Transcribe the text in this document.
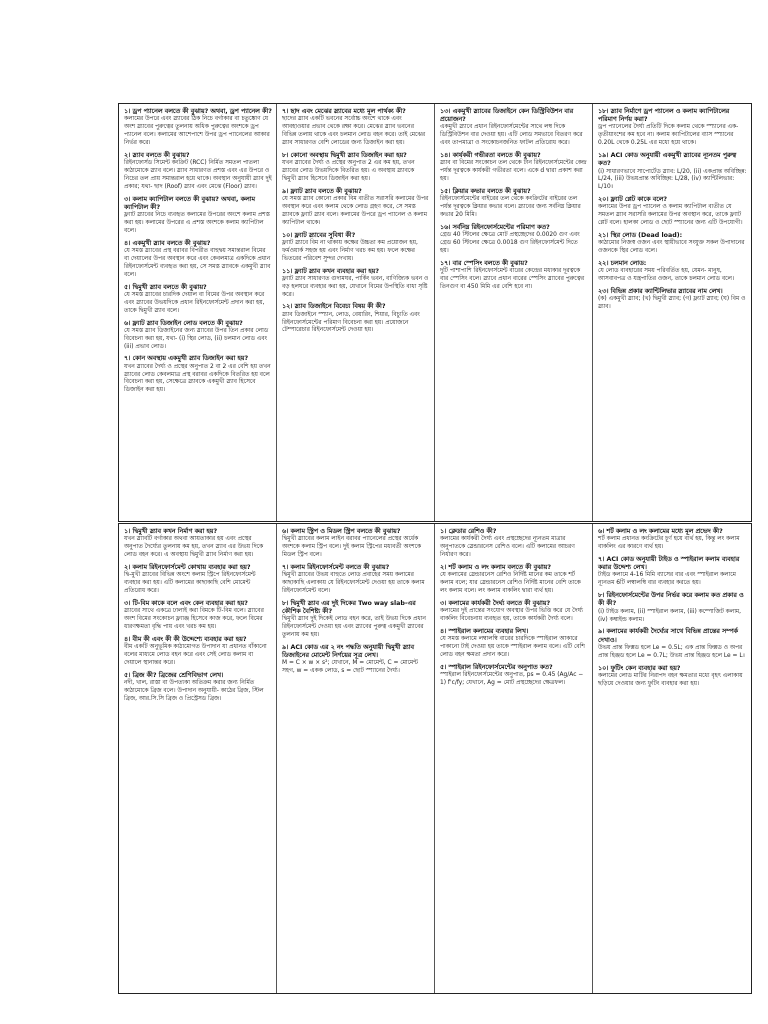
১। ড্রপ প্যানেল বলতে কী বুঝায়? অথবা, ড্রপ প্যানেল কী?
কলামের উপরে এবং স্ল্যাবের ঠিক নিচে বর্গাকার বা চতুষ্কোণ যে অংশ স্ল্যাবের পুরুত্বের তুলনায় অধিক পুরুত্বের অংশকে ড্রপ প্যানেল বলে। কলামের আশেপাশে উপর ড্রপ প্যানেলের আকার নির্ভর করে।
২। স্ল্যাব বলতে কী বুঝায়?
রিইনফোর্সড সিমেন্ট কংক্রিট (RCC) নির্মিত সমতল পাতলা কাঠামোকে স্ল্যাব বলে। স্ল্যাব সাধারণত প্রশস্ত এবং এর উপরে ও নিচের তল প্রায় সমান্তরাল হয়ে থাকে। অবস্থান অনুযায়ী স্ল্যাব দুই প্রকার; যথা- ছাদ (Roof) স্ল্যাব এবং মেঝে (Floor) স্ল্যাব।
৩। কলাম ক্যাপিটাল বলতে কী বুঝায়? অথবা, কলাম ক্যাপিটাল কী?
ফ্ল্যাট স্ল্যাবের নিচে ব্যবহৃত কলামের উপরের অংশে কলাম প্রশস্ত করা হয়। কলামের উপরের এ প্রশস্ত অংশকে কলাম ক্যাপিটাল বলে।
৪। একমুখী স্ল্যাব বলতে কী বুঝায়?
যে সমস্ত স্ল্যাবের প্রস্থ বরাবর বিপরীত বাহুদ্বয় সমান্তরাল বিমের বা দেয়ালের উপর অবস্থান করে এবং কেবলমাত্র একদিকে প্রধান রিইনফোর্সমেন্ট ব্যবহৃত করা হয়, সে সমস্ত স্ল্যাবকে একমুখী স্ল্যাব বলে।
৫। দ্বিমুখী স্ল্যাব বলতে কী বুঝায়?
যে সমস্ত স্ল্যাবের চারদিক দেয়াল বা বিমের উপর অবস্থান করে এবং স্ল্যাবের উভয়দিকে প্রধান রিইনফোর্সমেন্ট প্রদান করা হয়, তাকে দ্বিমুখী স্ল্যাব বলে।
৬। ফ্ল্যাট স্ল্যাব ডিজাইন লোড বলতে কী বুঝায়?
যে সমস্ত স্ল্যাব ডিজাইনের জন্য স্ল্যাবের উপর তিন প্রকার লোড বিবেচনা করা হয়, যথা- (i) স্থির লোড, (ii) চলমান লোড এবং (iii) প্রভাব লোড।
৭। কোন অবস্থায় একমুখী স্ল্যাব ডিজাইন করা হয়?
যখন স্ল্যাবের দৈর্ঘ্য ও প্রস্থের অনুপাত 2 বা 2 এর বেশি হয় তখন স্ল্যাবের লোড কেবলমাত্র প্রস্থ বরাবর একদিকে বিতরিত হয় বলে বিবেচনা করা হয়, সেক্ষেত্রে স্ল্যাবকে একমুখী স্ল্যাব হিসেবে ডিজাইন করা হয়।
৭। ছাদ এবং মেঝের স্ল্যাবের মধ্যে মূল পার্থক্য কী?
ছাদের স্ল্যাব একটি ভবনের সর্বোচ্চ অংশে থাকে এবং আবহাওয়ার প্রভাব থেকে রক্ষা করে। মেঝের স্ল্যাব ভবনের বিভিন্ন তলায় থাকে এবং চলমান লোড বহন করে। তাই মেঝের স্ল্যাব সাধারণত বেশি লোডের জন্য ডিজাইন করা হয়।
৮। কোনো অবস্থায় দ্বিমুখী স্ল্যাব ডিজাইন করা হয়?
যখন স্ল্যাবের দৈর্ঘ্য ও প্রস্থের অনুপাত 2 এর কম হয়, তখন স্ল্যাবের লোড উভয়দিকে বিতরিত হয়। এ অবস্থায় স্ল্যাবকে দ্বিমুখী স্ল্যাব হিসেবে ডিজাইন করা হয়।
৯। ফ্ল্যাট স্ল্যাব বলতে কী বুঝায়?
যে সমস্ত স্ল্যাব কোনো প্রকার বিম ব্যতীত সরাসরি কলামের উপর অবস্থান করে এবং কলাম থেকে লোড গ্রহণ করে, সে সমস্ত স্ল্যাবকে ফ্ল্যাট স্ল্যাব বলে। কলামের উপরে ড্রপ প্যানেল ও কলাম ক্যাপিটাল থাকে।
১০। ফ্ল্যাট স্ল্যাবের সুবিধা কী?
ফ্ল্যাট স্ল্যাবে বিম না থাকায় কক্ষের উচ্চতা কম প্রয়োজন হয়, ফর্মওয়ার্ক সহজ হয় এবং নির্মাণ খরচ কম হয়। ফলে কক্ষের ভিতরের পরিবেশ সুন্দর দেখায়।
১১। ফ্ল্যাট স্ল্যাব কখন ব্যবহার করা হয়?
ফ্ল্যাট স্ল্যাব সাধারণত গুদামঘর, পার্কিং ভবন, বাণিজ্যিক ভবন ও বড় হলঘরে ব্যবহার করা হয়, যেখানে বিমের উপস্থিতি বাধা সৃষ্টি করে।
১২। স্ল্যাব ডিজাইনে বিবেচ্য বিষয় কী কী?
স্ল্যাব ডিজাইনে স্প্যান, লোড, বেয়ারিং, শিয়ার, বিচ্যুতি এবং রিইনফোর্সমেন্টের পরিমাণ বিবেচনা করা হয়। প্রয়োজনে টেম্পারেচার রিইনফোর্সমেন্ট দেওয়া হয়।
১৩। একমুখী স্ল্যাবের ডিজাইনে কেন ডিস্ট্রিবিউশন বার প্রয়োজন?
একমুখী স্ল্যাবে প্রধান রিইনফোর্সমেন্টের সাথে লম্ব দিকে ডিস্ট্রিবিউশন বার দেওয়া হয়। এটি লোড সমভাবে বিতরণ করে এবং তাপমাত্রা ও সংকোচনজনিত ফাটল প্রতিরোধ করে।
১৪। কার্যকরী গভীরতা বলতে কী বুঝায়?
স্ল্যাব বা বিমের সংকোচন তল থেকে টান রিইনফোর্সমেন্টের কেন্দ্র পর্যন্ত দূরত্বকে কার্যকরী গভীরতা বলে। একে d দ্বারা প্রকাশ করা হয়।
১৫। ক্লিয়ার কভার বলতে কী বুঝায়?
রিইনফোর্সমেন্টের বাইরের তল থেকে কংক্রিটের বাইরের তল পর্যন্ত দূরত্বকে ক্লিয়ার কভার বলে। স্ল্যাবের জন্য সর্বনিম্ন ক্লিয়ার কভার 20 মিমি।
১৬। সর্বনিম্ন রিইনফোর্সমেন্টের পরিমাণ কত?
গ্রেড 40 স্টিলের ক্ষেত্রে মোট প্রস্থচ্ছেদের 0.0020 গুণ এবং গ্রেড 60 স্টিলের ক্ষেত্রে 0.0018 গুণ রিইনফোর্সমেন্ট দিতে হয়।
১৭। বার স্পেসিং বলতে কী বুঝায়?
দুটি পাশাপাশি রিইনফোর্সমেন্ট বারের কেন্দ্রের মধ্যকার দূরত্বকে বার স্পেসিং বলে। স্ল্যাবে প্রধান বারের স্পেসিং স্ল্যাবের পুরুত্বের তিনগুণ বা 450 মিমি এর বেশি হবে না।
১৮। স্ল্যাব নির্মাণে ড্রপ প্যানেল ও কলাম ক্যাপিটালের পরিমাণ নির্ণয় করা?
ড্রপ প্যানেলের দৈর্ঘ্য প্রতিটি দিকে কলাম থেকে স্প্যানের এক-তৃতীয়াংশের কম হবে না। কলাম ক্যাপিটালের ব্যাস স্প্যানের 0.20L থেকে 0.25L এর মধ্যে হয়ে থাকে।
১৯। ACI কোড অনুযায়ী একমুখী স্ল্যাবের ন্যূনতম পুরুত্ব কত?
(i) সাধারণভাবে সাপোর্টেড স্ল্যাব: L/20, (ii) একপ্রান্ত অবিচ্ছিন্ন: L/24, (iii) উভয়প্রান্ত অবিচ্ছিন্ন: L/28, (iv) ক্যান্টিলিভার: L/10।
২০। ফ্ল্যাট প্লেট কাকে বলে?
কলামের উপর ড্রপ প্যানেল ও কলাম ক্যাপিটাল ব্যতীত যে সমতল স্ল্যাব সরাসরি কলামের উপর অবস্থান করে, তাকে ফ্ল্যাট প্লেট বলে। হালকা লোড ও ছোট স্প্যানের জন্য এটি উপযোগী।
২১। স্থির লোড (Dead load):
কাঠামোর নিজস্ব ওজন এবং স্থায়ীভাবে সংযুক্ত সকল উপাদানের ওজনকে স্থির লোড বলে।
২২। চলমান লোড:
যে লোড ব্যবহারের সময় পরিবর্তিত হয়, যেমন- মানুষ, আসবাবপত্র ও যন্ত্রপাতির ওজন, তাকে চলমান লোড বলে।
২৩। বিভিন্ন প্রকার ক্যান্টিলিভার স্ল্যাবের নাম লেখ।
(ক) একমুখী স্ল্যাব; (খ) দ্বিমুখী স্ল্যাব; (গ) ফ্ল্যাট স্ল্যাব; (ঘ) বিম ও স্ল্যাব।
১। দ্বিমুখী স্ল্যাব কখন নির্মাণ করা হয়?
যখন স্ল্যাবটি বর্গাকার অথবা আয়তাকার হয় এবং প্রস্থের অনুপাত দৈর্ঘ্যের তুলনায় কম হয়, তখন স্ল্যাব এর উভয় দিকে লোড বহন করে। এ অবস্থায় দ্বিমুখী স্ল্যাব নির্মাণ করা হয়।
২। কলাম রিইনফোর্সমেন্ট কোথায় ব্যবহার করা হয়?
দ্বি-মুখী স্ল্যাবের বিভিন্ন অংশে কলাম স্ট্রিপে রিইনফোর্সমেন্ট ব্যবহার করা হয়। এটি কলামের কাছাকাছি বেশি মোমেন্ট প্রতিরোধ করে।
৩। টি-বিম কাকে বলে এবং কেন ব্যবহার করা হয়?
স্ল্যাবের সাথে একত্রে ঢালাই করা বিমকে টি-বিম বলে। স্ল্যাবের অংশ বিমের সংকোচন ফ্ল্যাঞ্জ হিসেবে কাজ করে, ফলে বিমের ধারণক্ষমতা বৃদ্ধি পায় এবং খরচ কম হয়।
৪। বীম কী এবং কী কী উদ্দেশ্যে ব্যবহার করা হয়?
বীম একটি অনুভূমিক কাঠামোগত উপাদান যা প্রধানত বাঁকানো বলের মাধ্যমে লোড বহন করে এবং সেই লোড কলাম বা দেয়ালে স্থানান্তর করে।
৫। ব্রিজ কী? ব্রিজের শ্রেণিবিভাগ লেখ।
নদী, খাল, রাস্তা বা উপত্যকা অতিক্রম করার জন্য নির্মিত কাঠামোকে ব্রিজ বলে। উপাদান অনুযায়ী- কাঠের ব্রিজ, স্টিল ব্রিজ, আর.সি.সি ব্রিজ ও প্রিস্ট্রেসড ব্রিজ।
৬। কলাম স্ট্রিপ ও মিডল স্ট্রিপ বলতে কী বুঝায়?
দ্বিমুখী স্ল্যাবের কলাম লাইন বরাবর প্যানেলের প্রস্থের অর্ধেক অংশকে কলাম স্ট্রিপ বলে। দুই কলাম স্ট্রিপের মধ্যবর্তী অংশকে মিডল স্ট্রিপ বলে।
৭। কলাম রিইনফোর্সমেন্ট বলতে কী বুঝায়?
দ্বিমুখী স্ল্যাবের উভয় বাহুতে লোড প্রবাহের সময় কলামের কাছাকাছি এলাকায় যে রিইনফোর্সমেন্ট দেওয়া হয় তাকে কলাম রিইনফোর্সমেন্ট বলে।
৮। দ্বিমুখী স্ল্যাব এর দুই দিকের Two way slab-এর কৌশিক বৈশিষ্ট্য কী?
দ্বিমুখী স্ল্যাব দুই দিকেই লোড বহন করে, তাই উভয় দিকে প্রধান রিইনফোর্সমেন্ট দেওয়া হয় এবং স্ল্যাবের পুরুত্ব একমুখী স্ল্যাবের তুলনায় কম হয়।
৯। ACI কোড এর ২ নং পদ্ধতি অনুযায়ী দ্বিমুখী স্ল্যাব ডিজাইনের মোমেন্ট নির্ণয়ের সূত্র লেখ।
M = C × w × s²; যেখানে, M = মোমেন্ট, C = মোমেন্ট সহগ, w = একক লোড, s = ছোট স্প্যানের দৈর্ঘ্য।
১। ক্লেডার রেশিও কী?
কলামের কার্যকরী দৈর্ঘ্য এবং প্রস্থচ্ছেদের ন্যূনতম মাত্রার অনুপাতকে স্লেন্ডারনেস রেশিও বলে। এটি কলামের আচরণ নির্ধারণ করে।
২। শর্ট কলাম ও লং কলাম বলতে কী বুঝায়?
যে কলামের স্লেন্ডারনেস রেশিও নির্দিষ্ট মানের কম তাকে শর্ট কলাম বলে; যার স্লেন্ডারনেস রেশিও নির্দিষ্ট মানের বেশি তাকে লং কলাম বলে। লং কলাম বাকলিং দ্বারা ব্যর্থ হয়।
৩। কলামের কার্যকরী দৈর্ঘ্য বলতে কী বুঝায়?
কলামের দুই প্রান্তের সংযোগ অবস্থার উপর ভিত্তি করে যে দৈর্ঘ্য বাকলিং বিবেচনায় ব্যবহৃত হয়, তাকে কার্যকরী দৈর্ঘ্য বলে।
৪। স্পাইরাল কলামের ব্যবহার লিখ।
যে সমস্ত কলামে লম্বালম্বি বারের চারদিকে স্পাইরাল আকারে পাকানো টাই দেওয়া হয় তাকে স্পাইরাল কলাম বলে। এটি বেশি লোড বহন ক্ষমতা প্রদান করে।
৫। স্পাইরাল রিইনফোর্সমেন্টের অনুপাত কত?
স্পাইরাল রিইনফোর্সমেন্টের অনুপাত, ps = 0.45 (Ag/Ac − 1) f'c/fy; যেখানে, Ag = মোট প্রস্থচ্ছেদের ক্ষেত্রফল।
৬। শর্ট কলাম ও লং কলামের মধ্যে মূল প্রভেদ কী?
শর্ট কলাম প্রধানত কংক্রিটের চূর্ণ হয়ে ব্যর্থ হয়, কিন্তু লং কলাম বাকলিং এর কারণে ব্যর্থ হয়।
৭। ACI কোড অনুযায়ী টাইড ও স্পাইরাল কলাম ব্যবহার করার উদ্দেশ্য লেখ।
টাইড কলামে 4-16 মিমি ব্যাসের বার এবং স্পাইরাল কলামে ন্যূনতম 6টি লম্বালম্বি বার ব্যবহার করতে হয়।
৮। রিইনফোর্সমেন্টের উপর নির্ভর করে কলাম কত প্রকার ও কী কী?
(i) টাইড কলাম, (ii) স্পাইরাল কলাম, (iii) কম্পোজিট কলাম, (iv) কম্বাইন্ড কলাম।
৯। কলামের কার্যকরী দৈর্ঘ্যের সাথে বিভিন্ন প্রান্তের সম্পর্ক দেখাও।
উভয় প্রান্ত ফিক্সড হলে Le = 0.5L; এক প্রান্ত ফিক্সড ও অপর প্রান্ত হিঞ্জড হলে Le = 0.7L; উভয় প্রান্ত হিঞ্জড হলে Le = L।
১০। ফুটিং কেন ব্যবহার করা হয়?
কলামের লোড মাটির নিরাপদ বহন ক্ষমতার মধ্যে বৃহৎ এলাকায় ছড়িয়ে দেওয়ার জন্য ফুটিং ব্যবহার করা হয়।
